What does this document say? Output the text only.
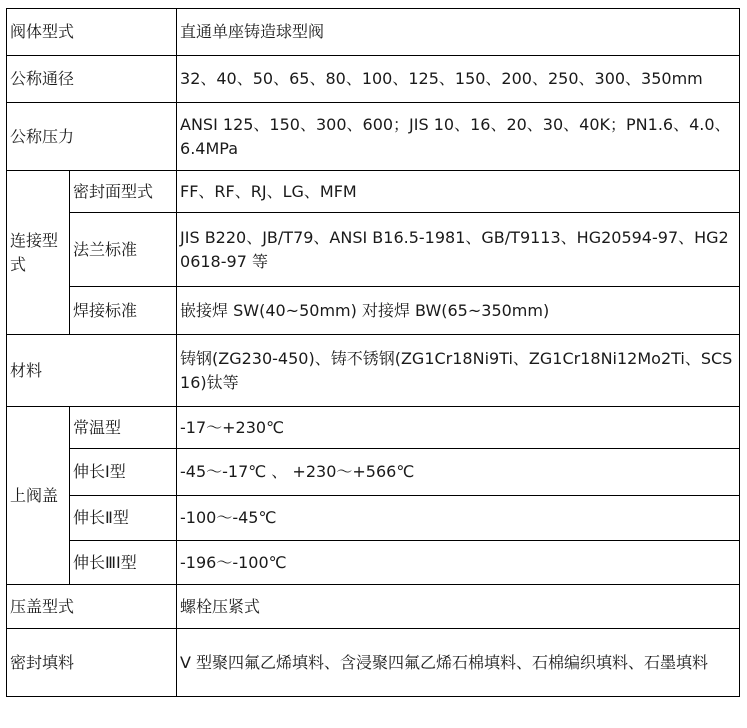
阀体型式		直通单座铸造球型阀
公称通径		32、40、50、65、80、100、125、150、200、250、300、350mm
公称压力		ANSI 125、150、300、600；JIS 10、16、20、30、40K；PN1.6、4.0、6.4MPa
连接型式	密封面型式	FF、RF、RJ、LG、MFM
	法兰标准	JIS B220、JB/T79、ANSI B16.5-1981、GB/T9113、HG20594-97、HG20618-97 等
	焊接标准	嵌接焊 SW(40~50mm) 对接焊 BW(65~350mm)
材料		铸钢(ZG230-450)、铸不锈钢(ZG1Cr18Ni9Ti、ZG1Cr18Ni12Mo2Ti、SCS16)钛等
上阀盖	常温型	-17～+230℃
	伸长Ⅰ型	-45～-17℃ 、 +230～+566℃
	伸长Ⅱ型	-100～-45℃
	伸长ⅢⅠ型	-196～-100℃
压盖型式		螺栓压紧式
密封填料		V 型聚四氟乙烯填料、含浸聚四氟乙烯石棉填料、石棉编织填料、石墨填料
